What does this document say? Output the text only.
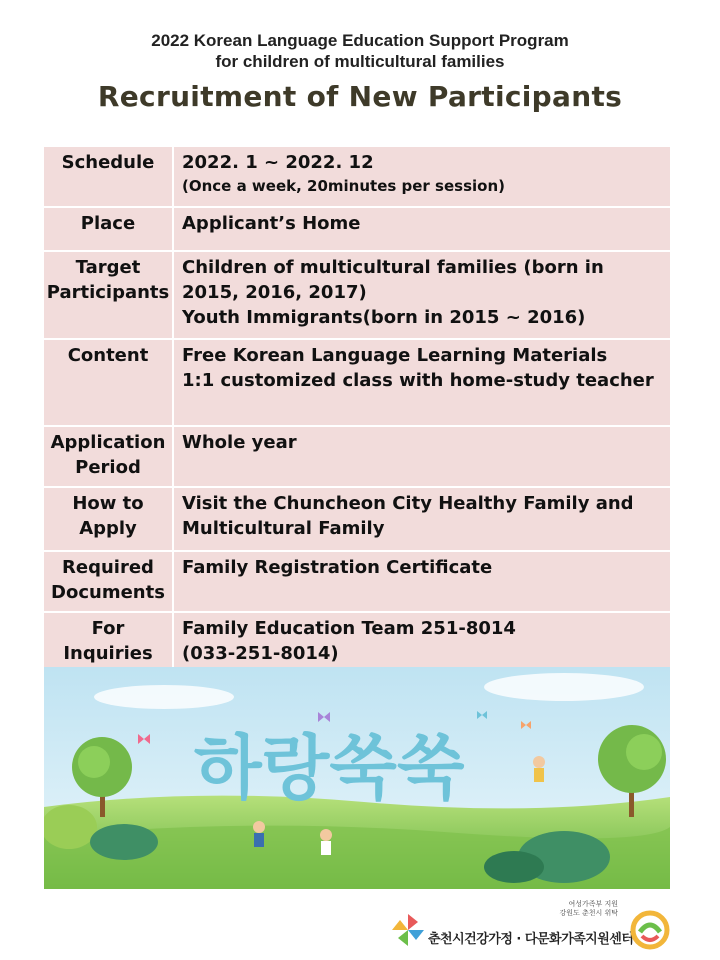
2022 Korean Language Education Support Program
for children of multicultural families
Recruitment of New Participants
Schedule	2022. 1 ~ 2022. 12
(Once a week, 20minutes per session)

Place	Applicant’s Home

Target
Participants	Children of multicultural families (born in 2015, 2016, 2017)
Youth Immigrants(born in 2015 ~ 2016)

Content	Free Korean Language Learning Materials
1:1 customized class with home-study teacher

Application
Period	Whole year

How to
Apply	Visit the Chuncheon City Healthy Family and Multicultural Family

Required
Documents	Family Registration Certificate

For
Inquiries	Family Education Team 251-8014
(033-251-8014)
하랑쑥쑥
여성가족부 지원
강원도 춘천시 위탁
춘천시건강가정 · 다문화가족지원센터
